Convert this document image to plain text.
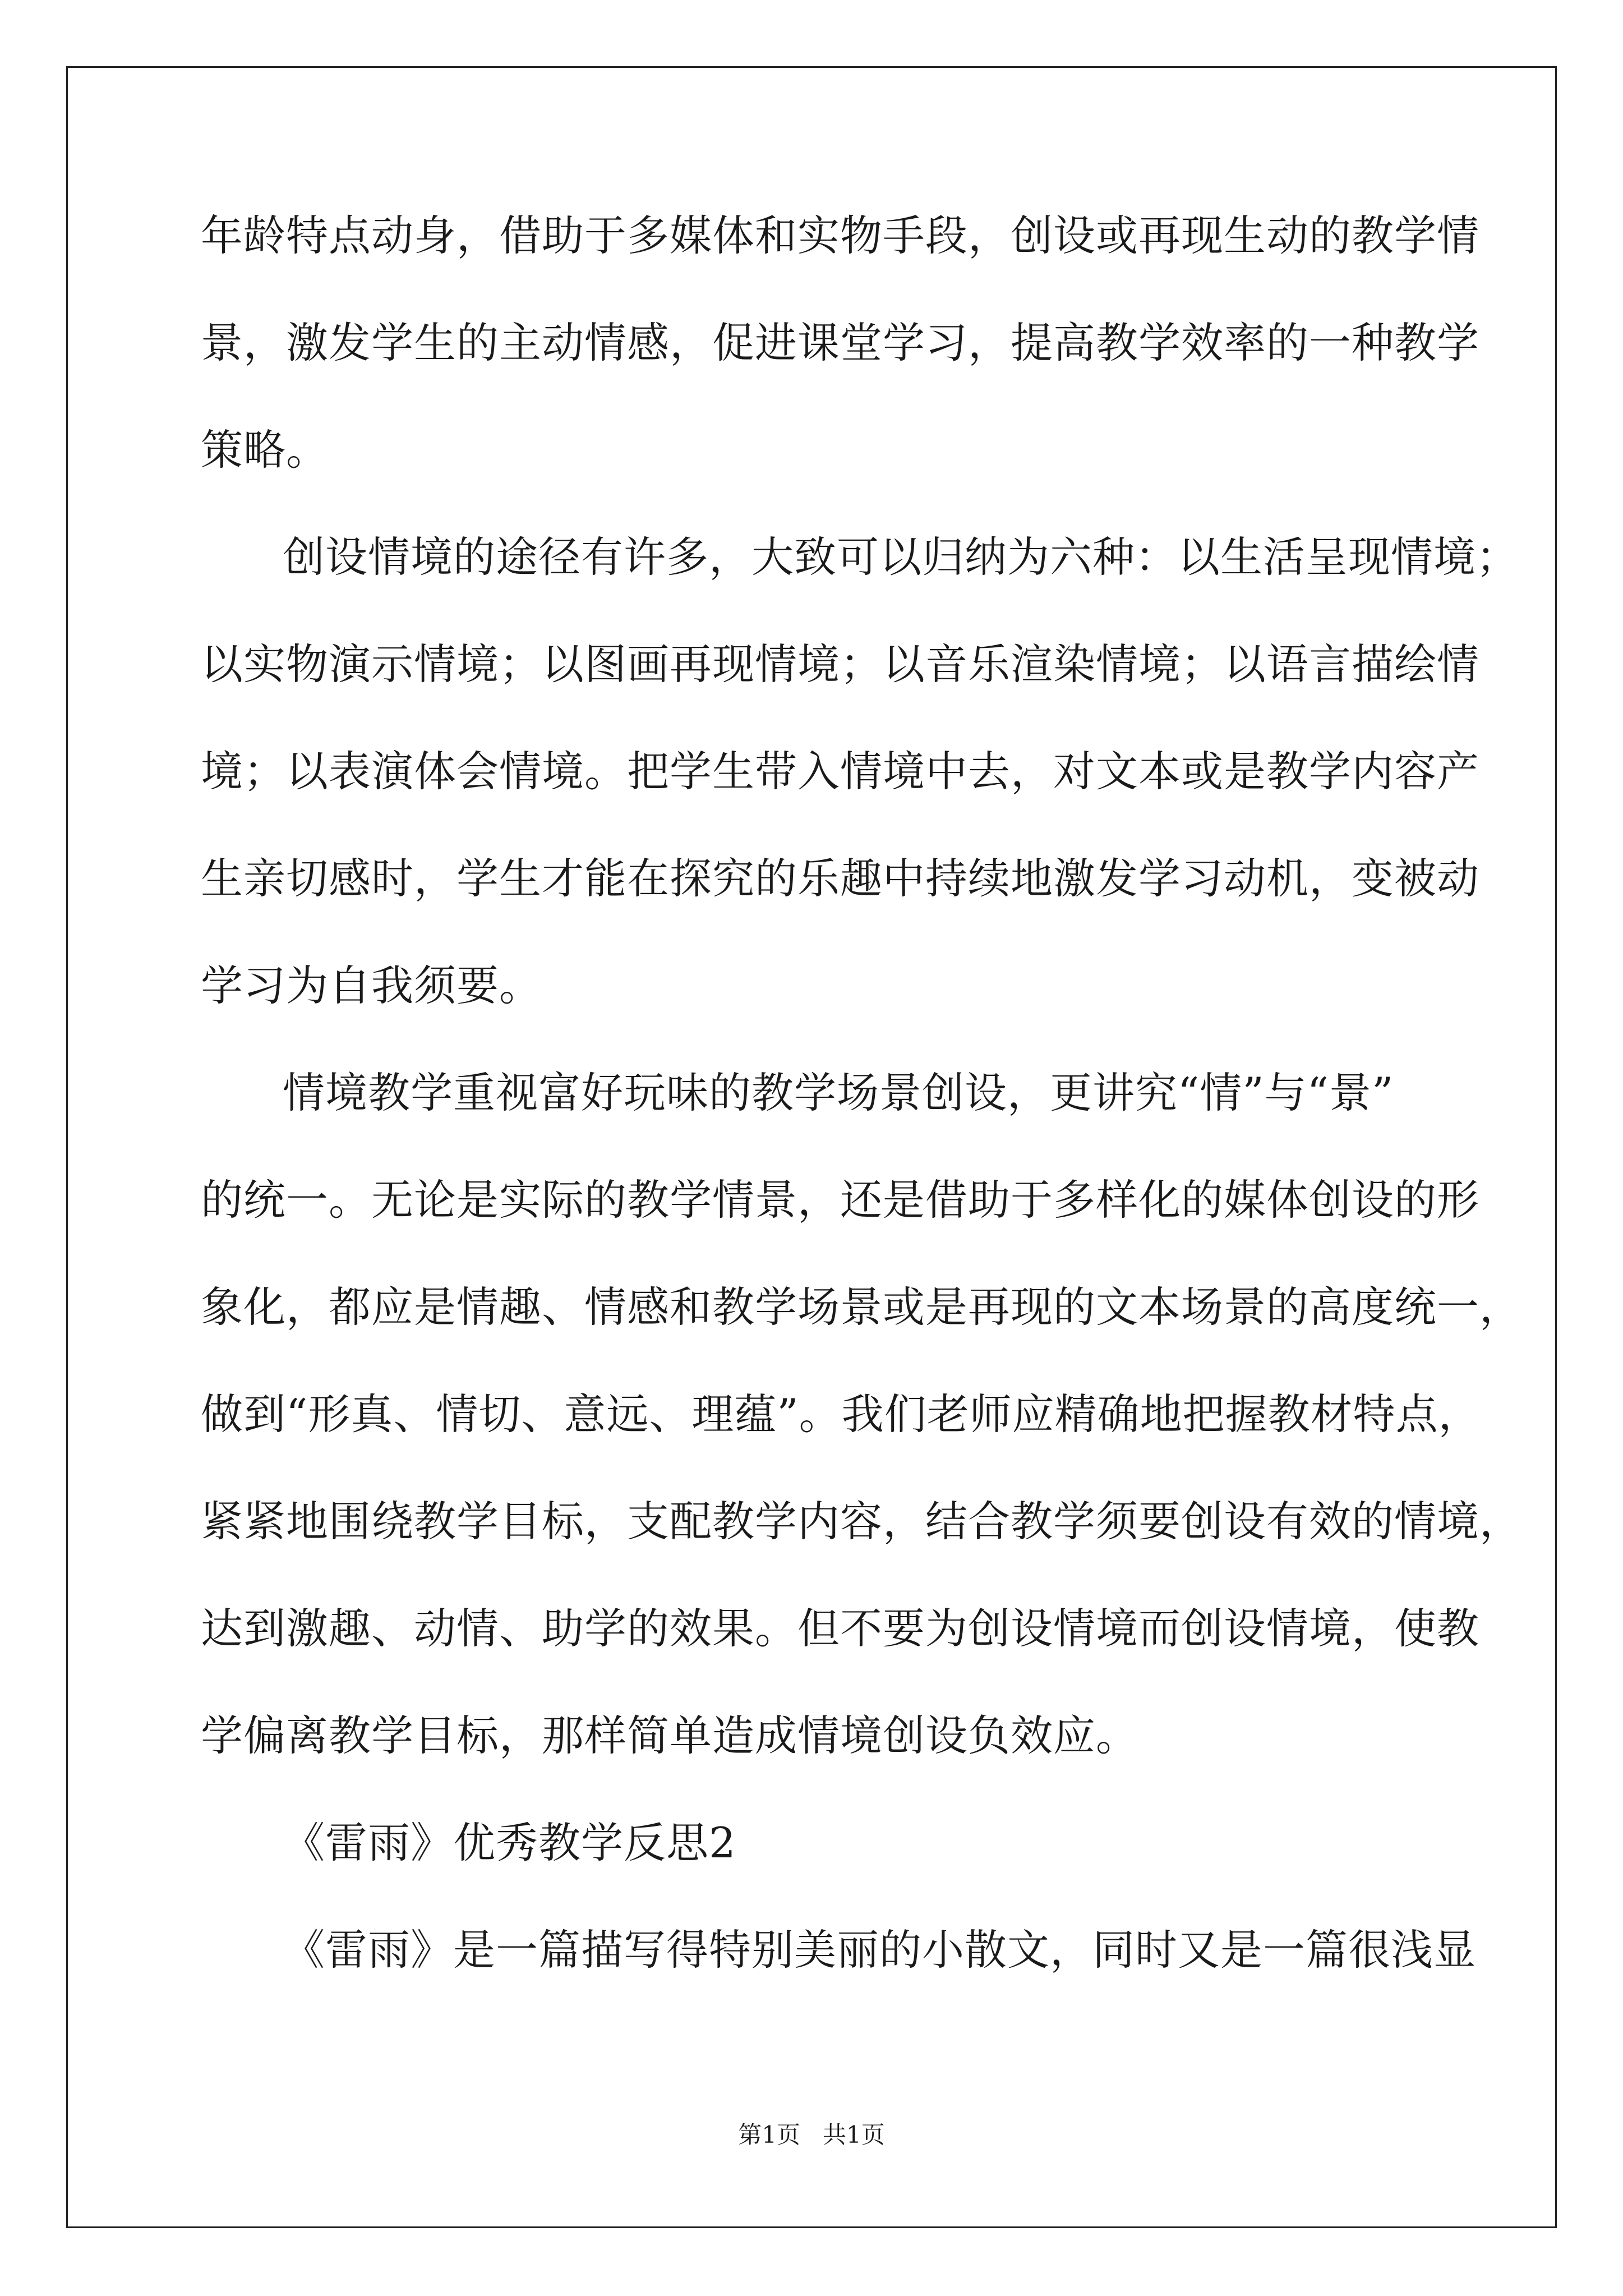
年龄特点动身，借助于多媒体和实物手段，创设或再现生动的教学情
景，激发学生的主动情感，促进课堂学习，提高教学效率的一种教学
策略。
创设情境的途径有许多，大致可以归纳为六种：以生活呈现情境；
以实物演示情境；以图画再现情境；以音乐渲染情境；以语言描绘情
境；以表演体会情境。把学生带入情境中去，对文本或是教学内容产
生亲切感时，学生才能在探究的乐趣中持续地激发学习动机，变被动
学习为自我须要。
情境教学重视富好玩味的教学场景创设，更讲究“情”与“景”
的统一。无论是实际的教学情景，还是借助于多样化的媒体创设的形
象化，都应是情趣、情感和教学场景或是再现的文本场景的高度统一，
做到“形真、情切、意远、理蕴”。我们老师应精确地把握教材特点，
紧紧地围绕教学目标，支配教学内容，结合教学须要创设有效的情境，
达到激趣、动情、助学的效果。但不要为创设情境而创设情境，使教
学偏离教学目标，那样简单造成情境创设负效应。
《雷雨》优秀教学反思2
《雷雨》是一篇描写得特别美丽的小散文，同时又是一篇很浅显
第1页   共1页
